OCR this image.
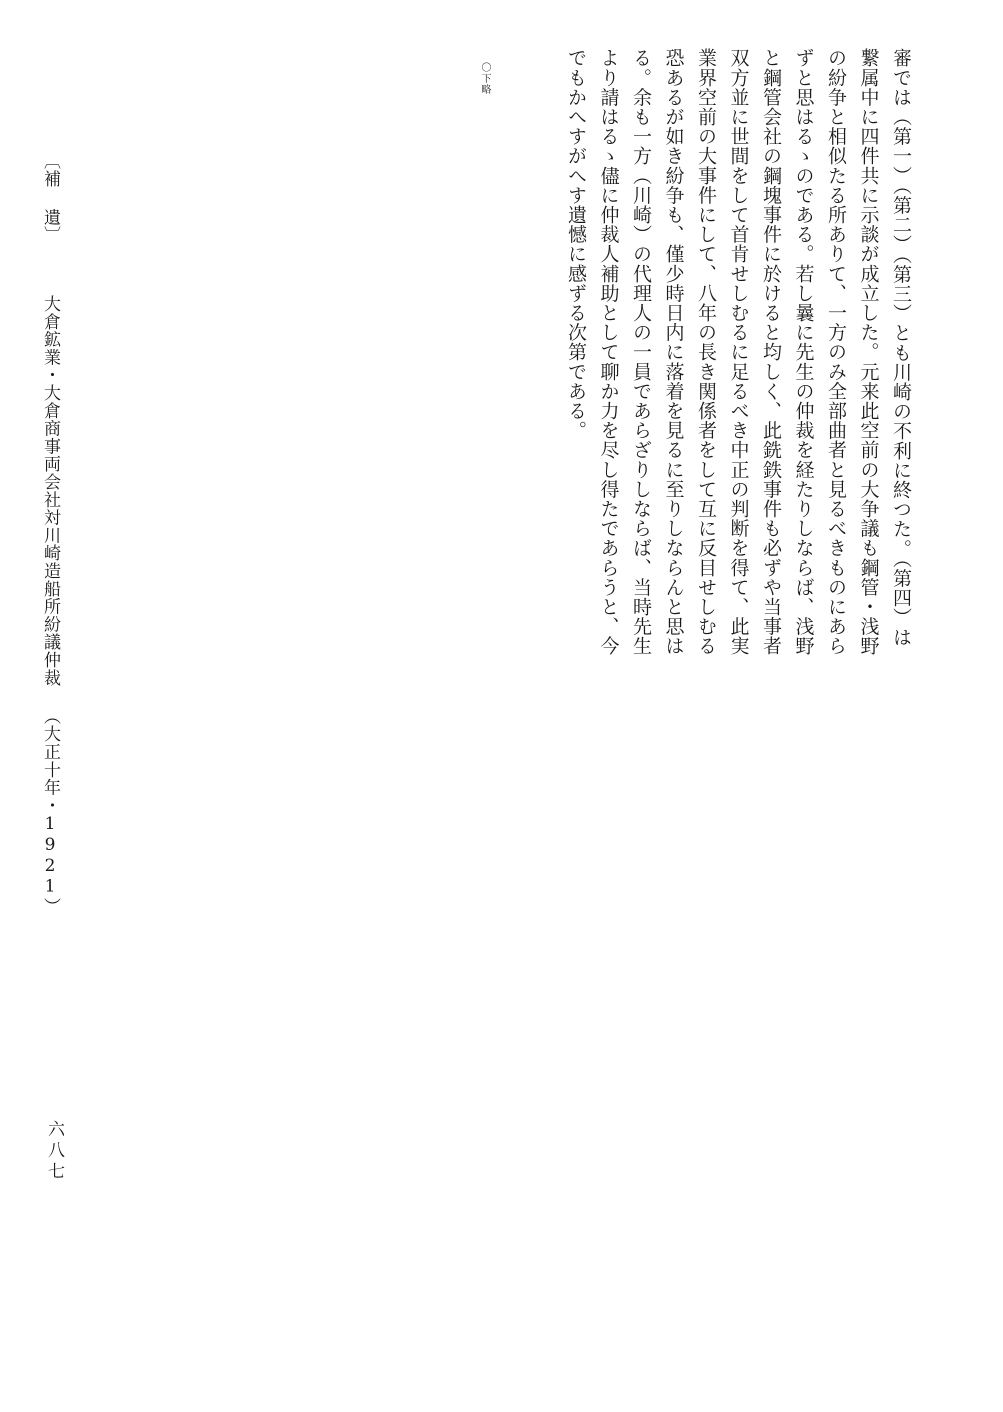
〔補 遺〕 大倉鉱業・大倉商事両会社対川崎造船所紛議仲裁 （大正十年・1921）	審では（第一）（第二）（第三）とも川崎の不利に終つた。（第四）は
繋属中に四件共に示談が成立した。元来此空前の大争議も鋼管・浅野
の紛争と相似たる所ありて、一方のみ全部曲者と見るべきものにあら
ずと思はるゝのである。若し曩に先生の仲裁を経たりしならば、浅野
と鋼管会社の鋼塊事件に於けると均しく、此銑鉄事件も必ずや当事者
双方並に世間をして首肯せしむるに足るべき中正の判断を得て、此実
業界空前の大事件にして、八年の長き関係者をして互に反目せしむる
恐あるが如き紛争も、僅少時日内に落着を見るに至りしならんと思は
る。余も一方（川崎）の代理人の一員であらざりしならば、当時先生
より請はるゝ儘に仲裁人補助として聊か力を尽し得たであらうと、今
でもかへすがへす遺憾に感ずる次第である。
〇下略
六八七
